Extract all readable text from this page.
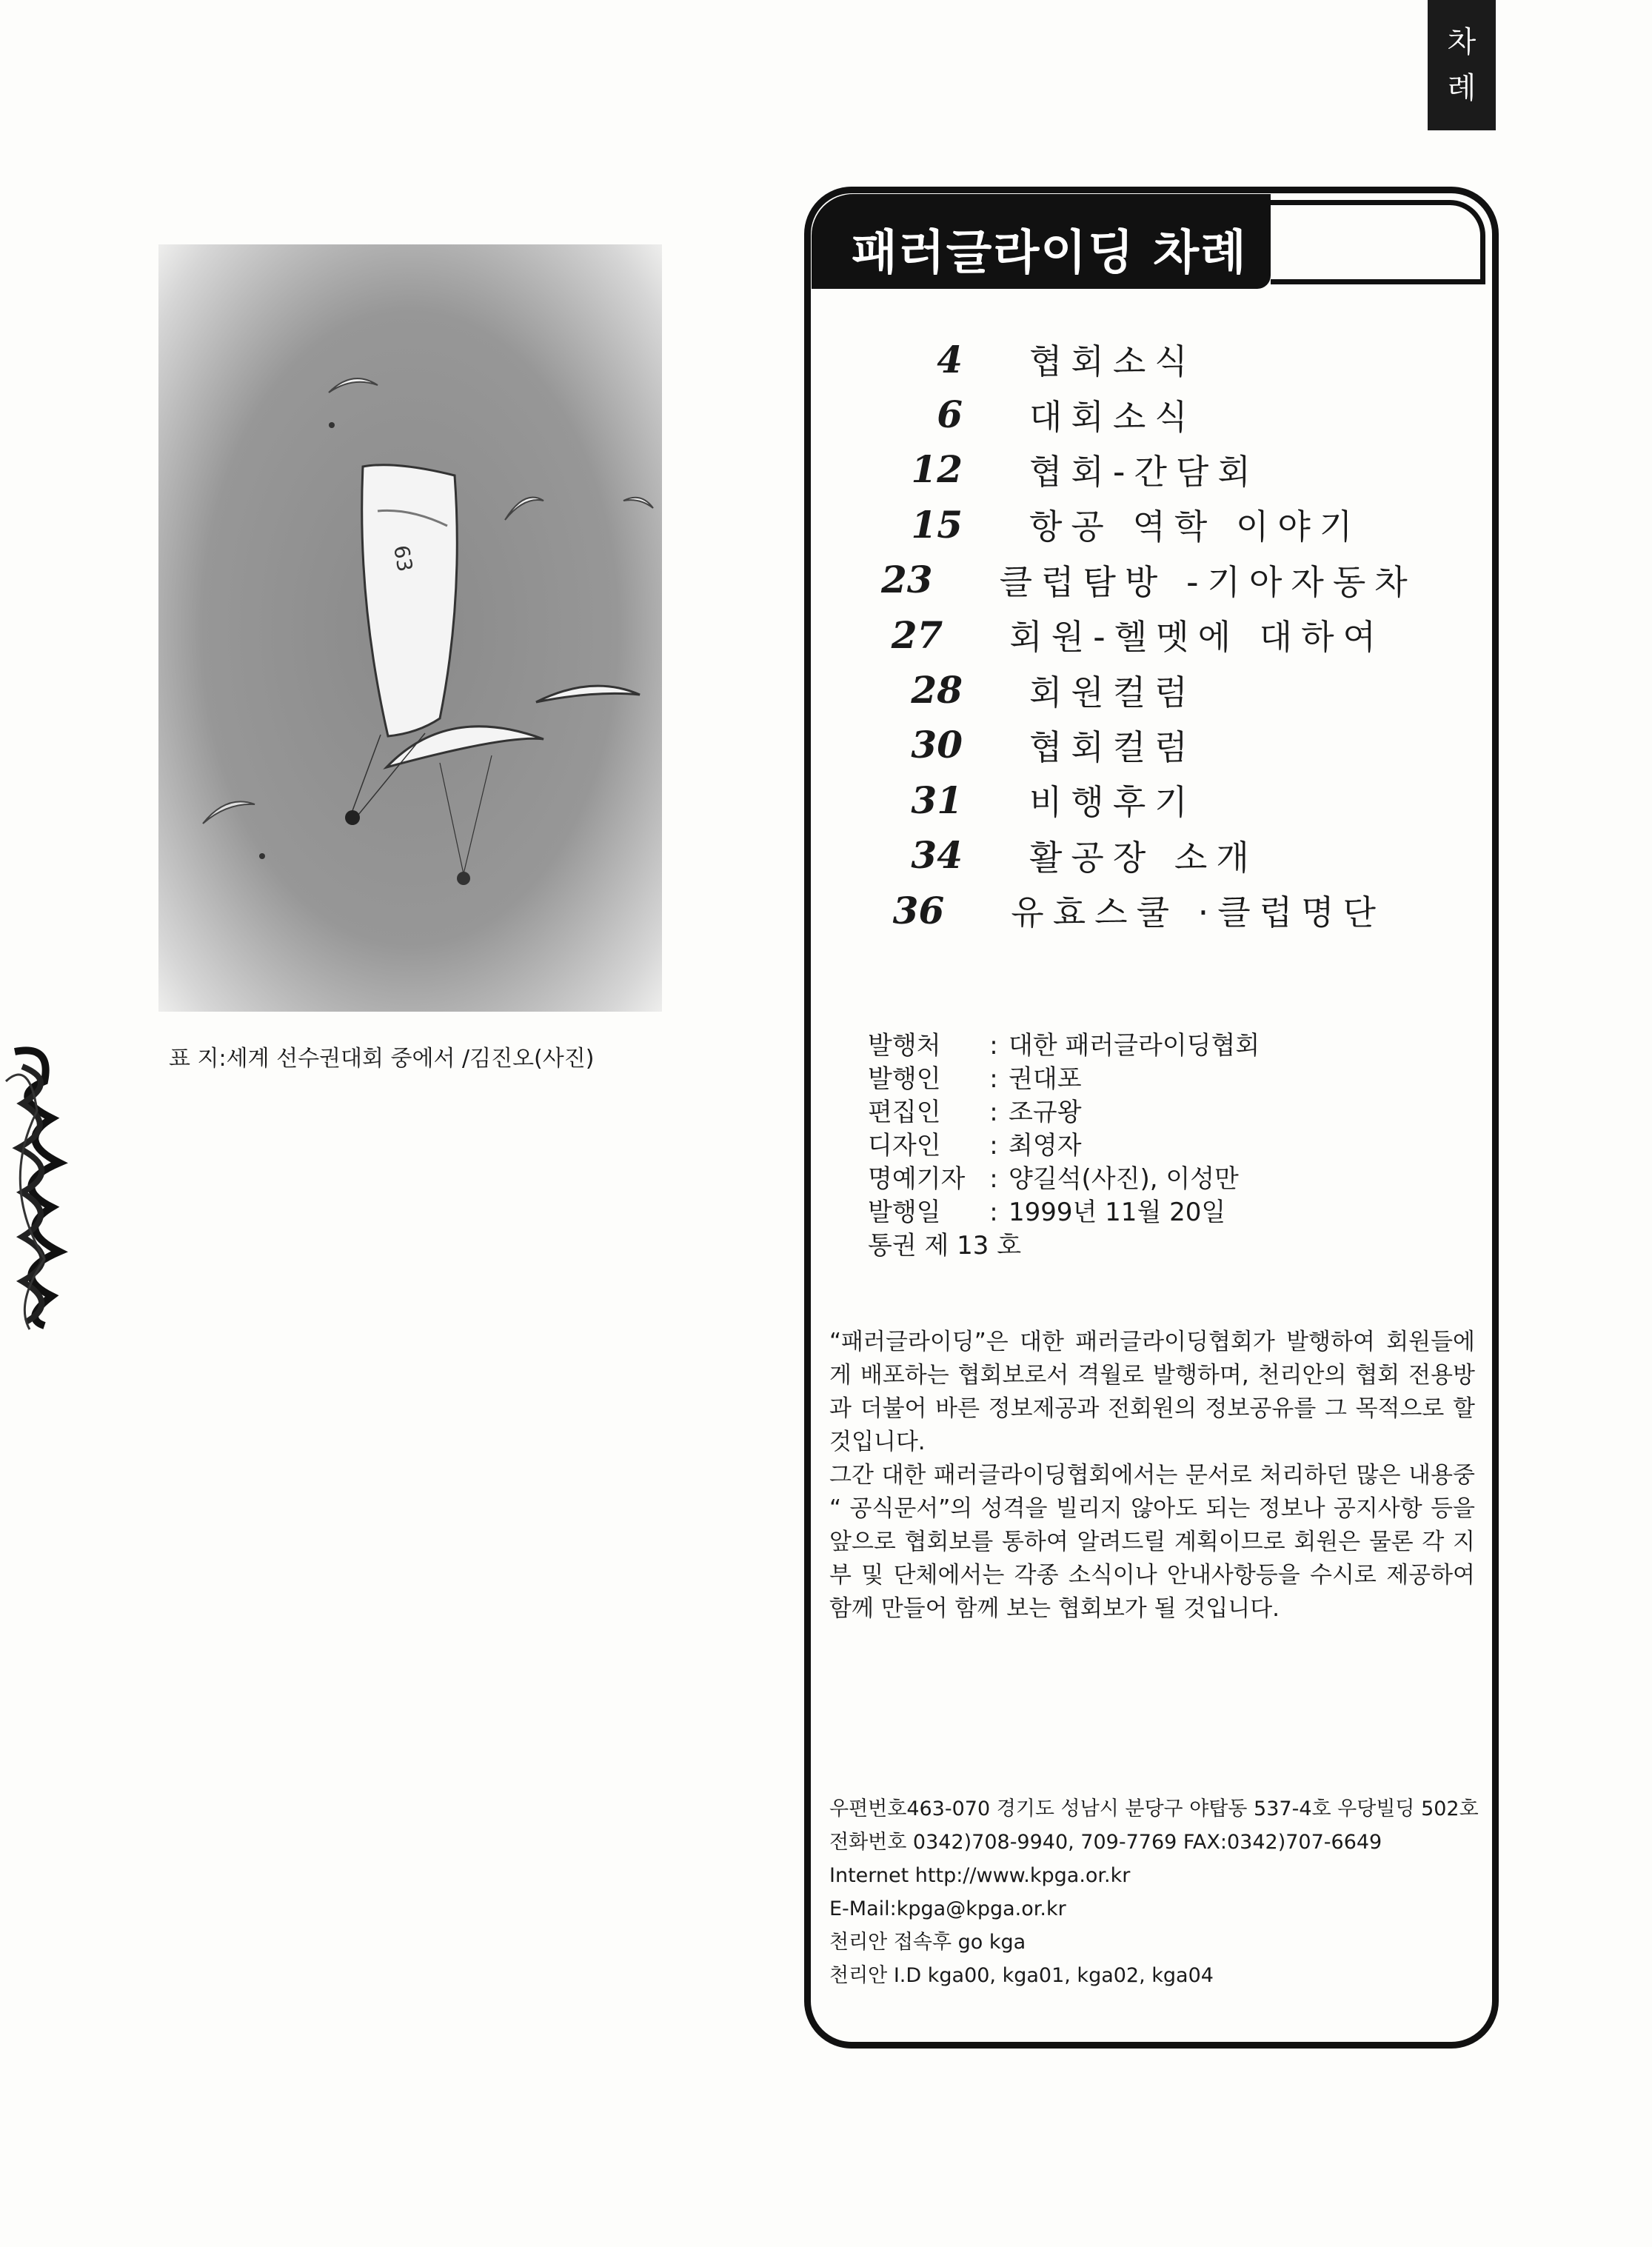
차
례
63
표 지:세계 선수권대회 중에서 /김진오(사진)
패러글라이딩 차례
4 협회소식
6 대회소식
12 협회-간담회
15 항공 역학 이야기
23 클럽탐방 -기아자동차
27 회원-헬멧에 대하여
28 회원컬럼
30 협회컬럼
31 비행후기
34 활공장 소개
36 유효스쿨 ·클럽명단
발행처	: 대한 패러글라이딩협회
발행인	: 권대포
편집인	: 조규왕
디자인	: 최영자
명예기자 : 양길석(사진), 이성만
발행일	: 1999년 11월 20일
통권 제 13 호

“패러글라이딩”은 대한 패러글라이딩협회가 발행하여 회원들에게 배포하는 협회보로서 격월로 발행하며, 천리안의 협회 전용방과 더불어 바른 정보제공과 전회원의 정보공유를 그 목적으로 할 것입니다.

그간 대한 패러글라이딩협회에서는 문서로 처리하던 많은 내용중 “ 공식문서”의 성격을 빌리지 않아도 되는 정보나 공지사항 등을 앞으로 협회보를 통하여 알려드릴 계획이므로 회원은 물론 각 지부 및 단체에서는 각종 소식이나 안내사항등을 수시로 제공하여 함께 만들어 함께 보는 협회보가 될 것입니다.

우편번호463-070 경기도 성남시 분당구 야탑동 537-4호 우당빌딩 502호
전화번호 0342)708-9940, 709-7769 FAX:0342)707-6649
Internet http://www.kpga.or.kr
E-Mail:kpga@kpga.or.kr
천리안 접속후 go kga
천리안 I.D kga00, kga01, kga02, kga04
